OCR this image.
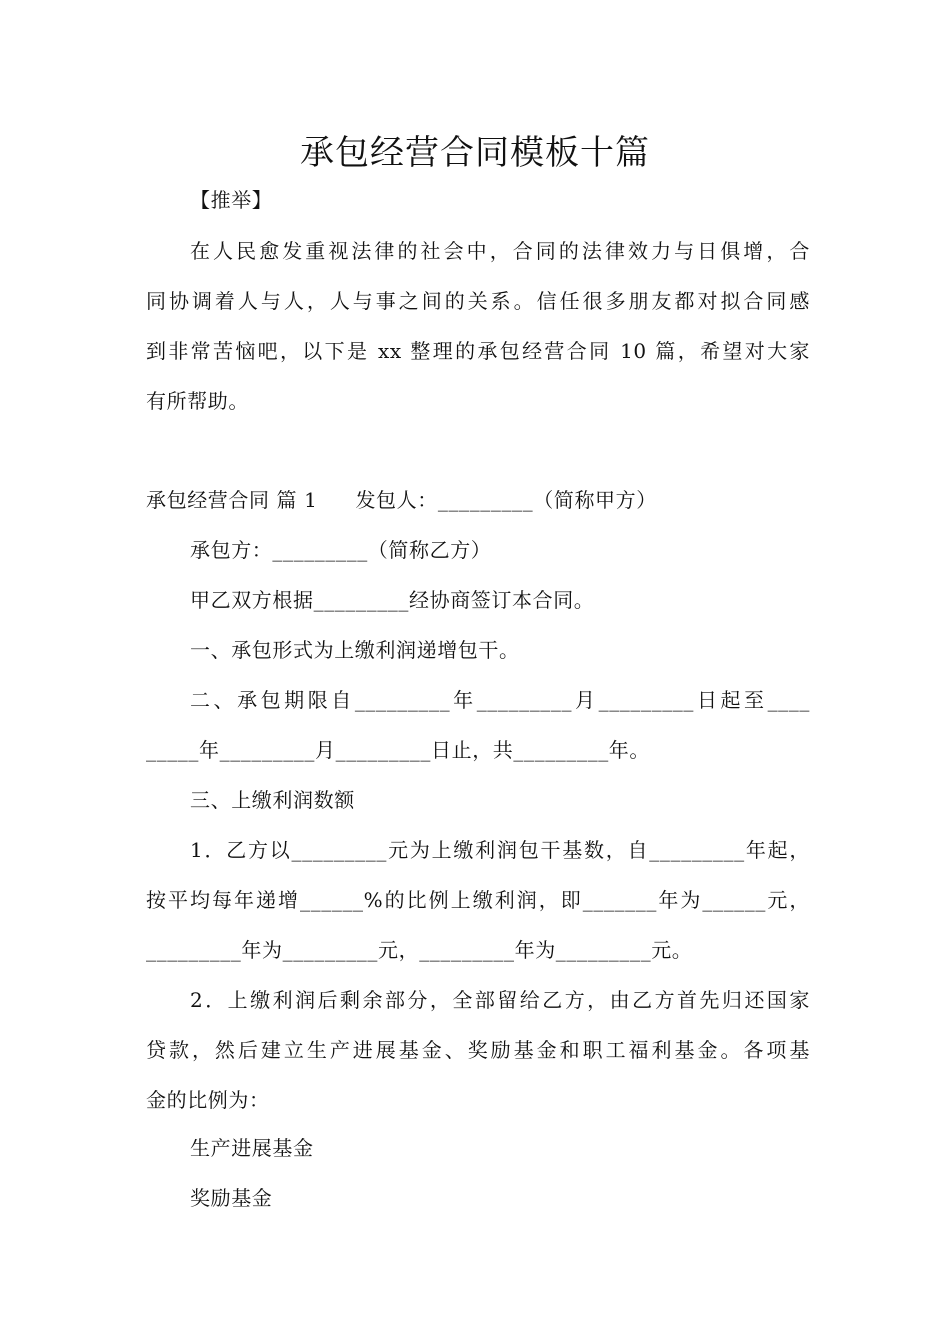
承包经营合同模板十篇
【推举】
在人民愈发重视法律的社会中，合同的法律效力与日俱增，合
同协调着人与人，人与事之间的关系。信任很多朋友都对拟合同感
到非常苦恼吧，以下是 xx 整理的承包经营合同 10 篇，希望对大家
有所帮助。
承包经营合同 篇 1 发包人：_________（简称甲方）
承包方：_________（简称乙方）
甲乙双方根据_________经协商签订本合同。
一、承包形式为上缴利润递增包干。
二、承包期限自_________年_________月_________日起至____
_____年_________月_________日止，共_________年。
三、上缴利润数额
1．乙方以_________元为上缴利润包干基数，自_________年起，
按平均每年递增______%的比例上缴利润，即_______年为______元，
_________年为_________元，_________年为_________元。
2．上缴利润后剩余部分，全部留给乙方，由乙方首先归还国家
贷款，然后建立生产进展基金、奖励基金和职工福利基金。各项基
金的比例为：
生产进展基金
奖励基金
